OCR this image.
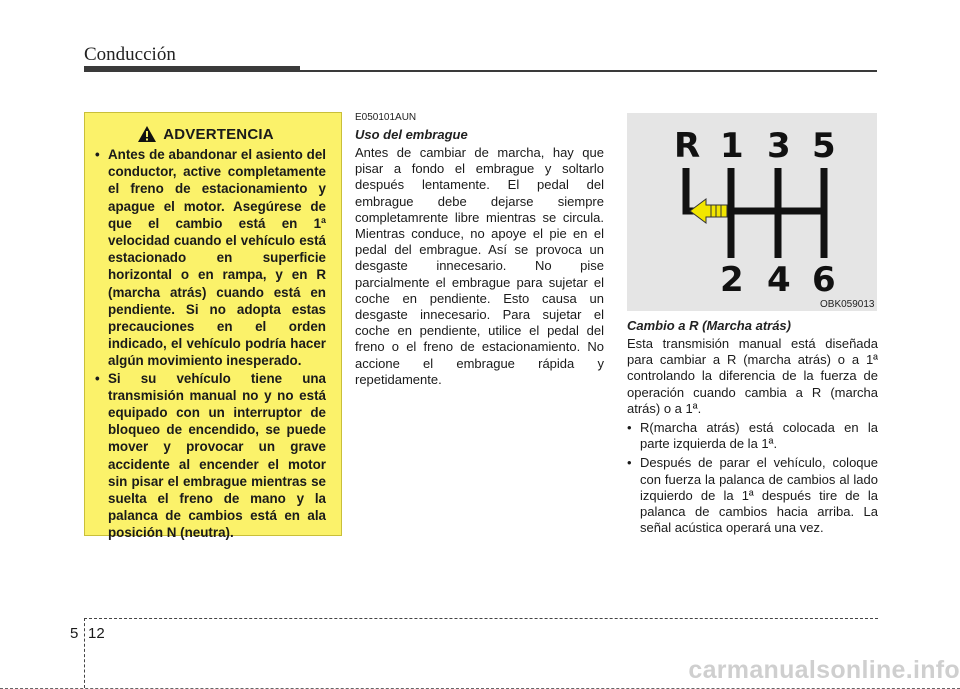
Conducción
ADVERTENCIA
• Antes de abandonar el asiento del conductor, active completamente el freno de estacionamiento y apague el motor. Asegúrese de que el cambio está en 1ª velocidad cuando el vehículo está estacionado en superficie horizontal o en rampa, y en R (marcha atrás) cuando está en pendiente. Si no adopta estas precauciones en el orden indicado, el vehículo podría hacer algún movimiento inesperado.
• Si su vehículo tiene una transmisión manual no y no está equipado con un interruptor de bloqueo de encendido, se puede mover y provocar un grave accidente al encender el motor sin pisar el embrague mientras se suelta el freno de mano y la palanca de cambios está en ala posición N (neutra).
E050101AUN
Uso del embrague

Antes de cambiar de marcha, hay que pisar a fondo el embrague y soltarlo después lentamente. El pedal del embrague debe dejarse siempre completamrente libre mientras se circula. Mientras conduce, no apoye el pie en el pedal del embrague. Así se provoca un desgaste innecesario. No pise parcialmente el embrague para sujetar el coche en pendiente. Esto causa un desgaste innecesario. Para sujetar el coche en pendiente, utilice el pedal del freno o el freno de estacionamiento. No accione el embrague rápida y repetidamente.

R 1 3 5
2 4 6
OBK059013
Cambio a R (Marcha atrás)

Esta transmisión manual está diseñada para cambiar a R (marcha atrás) o a 1ª controlando la diferencia de la fuerza de operación cuando cambia a R (marcha atrás) o a 1ª.

• R(marcha atrás) está colocada en la parte izquierda de la 1ª.
• Después de parar el vehículo, coloque con fuerza la palanca de cambios al lado izquierdo de la 1ª después tire de la palanca de cambios hacia arriba. La señal acústica operará una vez.
5 12
carmanualsonline.info
